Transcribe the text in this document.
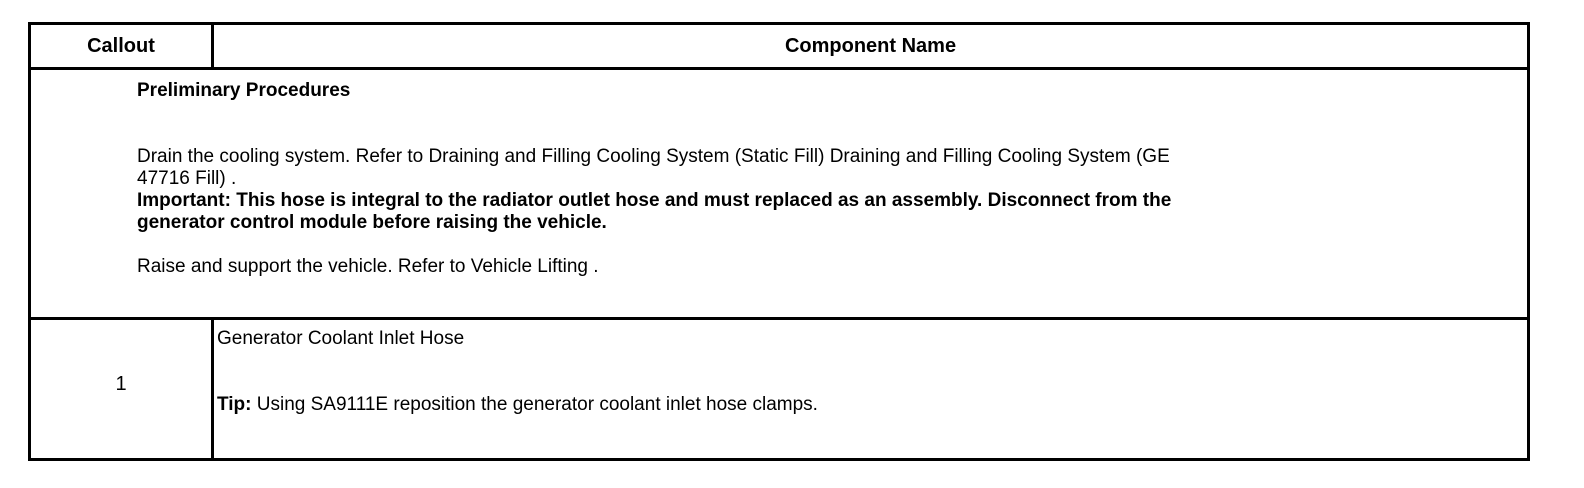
Callout	Component Name
Preliminary Procedures
Drain the cooling system. Refer to Draining and Filling Cooling System (Static Fill) Draining and Filling Cooling System (GE
47716 Fill) .
Important: This hose is integral to the radiator outlet hose and must replaced as an assembly. Disconnect from the
generator control module before raising the vehicle.
Raise and support the vehicle. Refer to Vehicle Lifting .
1
Generator Coolant Inlet Hose
Tip: Using SA9111E reposition the generator coolant inlet hose clamps.
